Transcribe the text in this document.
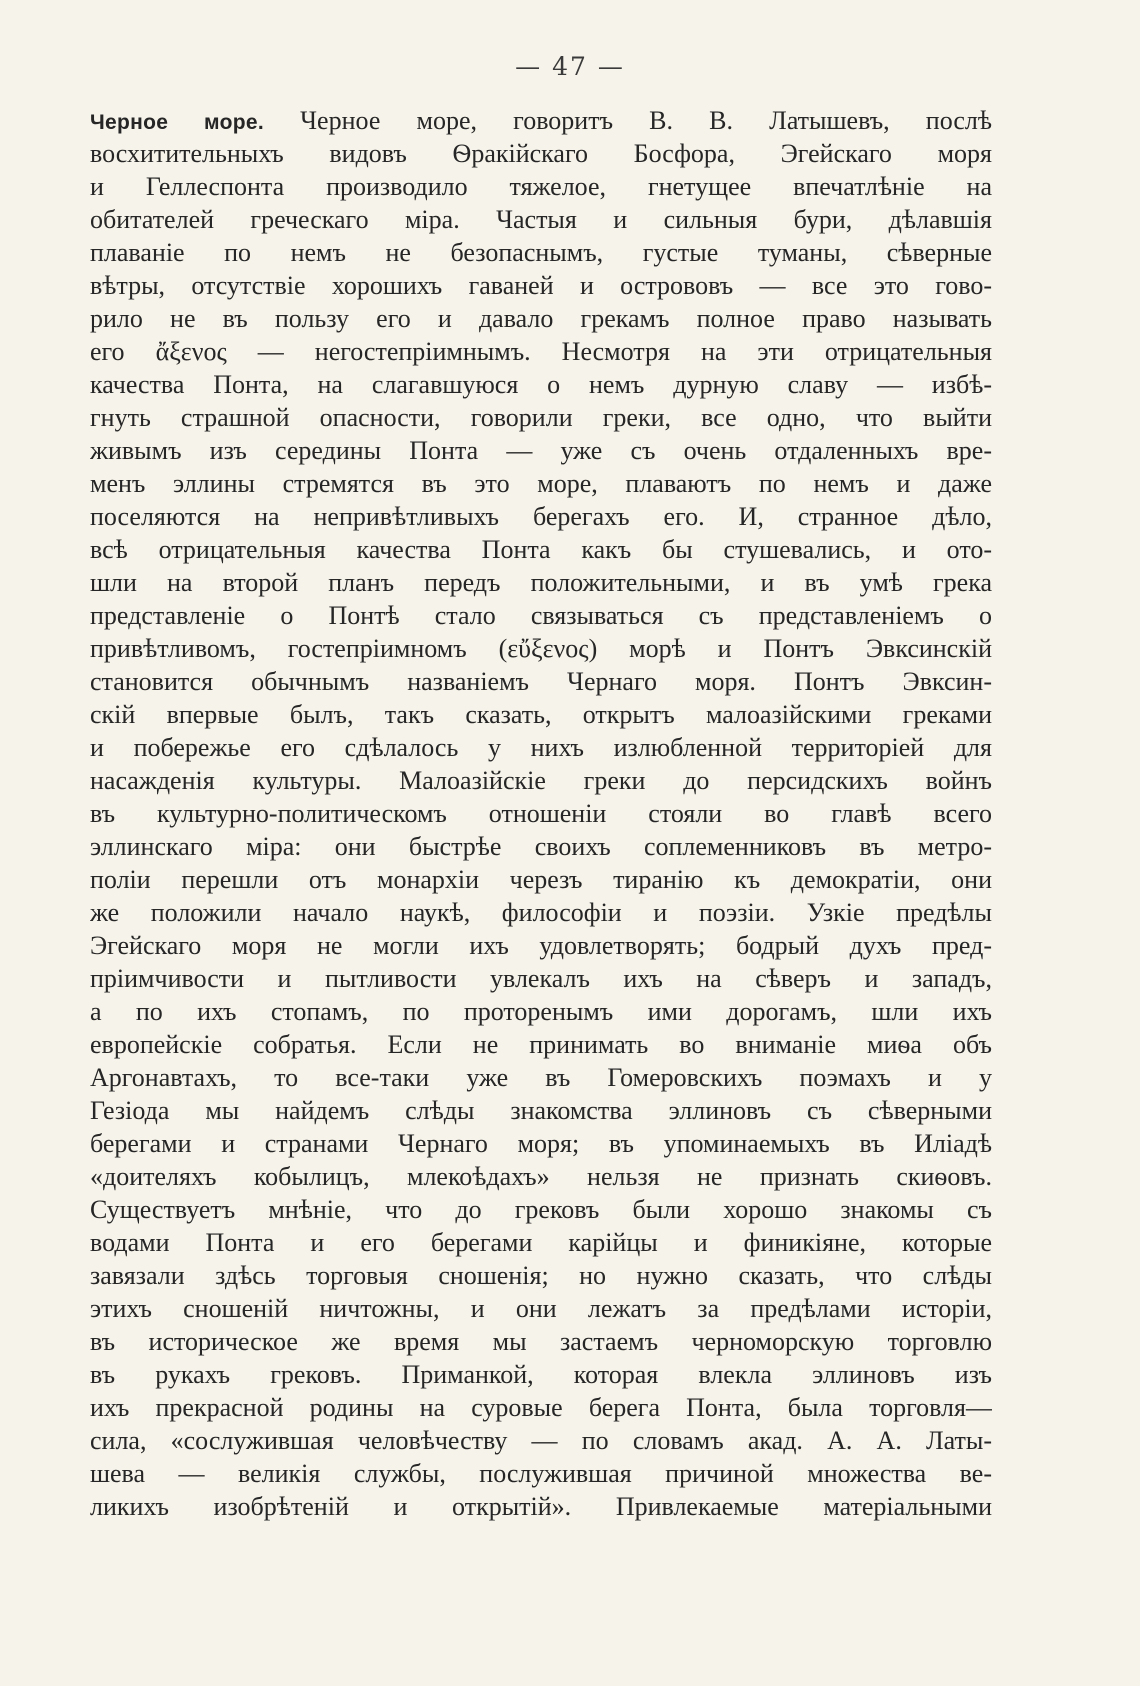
— 47 —
Черное море. Черное море, говоритъ В. В. Латышевъ, послѣ
восхитительныхъ видовъ Ѳракійскаго Босфора, Эгейскаго моря
и Геллеспонта производило тяжелое, гнетущее впечатлѣніе на
обитателей греческаго міра. Частыя и сильныя бури, дѣлавшія
плаваніе по немъ не безопаснымъ, густые туманы, сѣверные
вѣтры, отсутствіе хорошихъ гаваней и острововъ — все это гово-
рило не въ пользу его и давало грекамъ полное право называть
его ἄξενος — негостепріимнымъ. Несмотря на эти отрицательныя
качества Понта, на слагавшуюся о немъ дурную славу — избѣ-
гнуть страшной опасности, говорили греки, все одно, что выйти
живымъ изъ середины Понта — уже съ очень отдаленныхъ вре-
менъ эллины стремятся въ это море, плаваютъ по немъ и даже
поселяются на непривѣтливыхъ берегахъ его. И, странное дѣло,
всѣ отрицательныя качества Понта какъ бы стушевались, и ото-
шли на второй планъ передъ положительными, и въ умѣ грека
представленіе о Понтѣ стало связываться съ представленіемъ о
привѣтливомъ, гостепріимномъ (εὔξενος) морѣ и Понтъ Эвксинскій
становится обычнымъ названіемъ Чернаго моря. Понтъ Эвксин-
скій впервые былъ, такъ сказать, открытъ малоазійскими греками
и побережье его сдѣлалось у нихъ излюбленной территоріей для
насажденія культуры. Малоазійскіе греки до персидскихъ войнъ
въ культурно-политическомъ отношеніи стояли во главѣ всего
эллинскаго міра: они быстрѣе своихъ соплеменниковъ въ метро-
поліи перешли отъ монархіи черезъ тиранію къ демократіи, они
же положили начало наукѣ, философіи и поэзіи. Узкіе предѣлы
Эгейскаго моря не могли ихъ удовлетворять; бодрый духъ пред-
пріимчивости и пытливости увлекалъ ихъ на сѣверъ и западъ,
а по ихъ стопамъ, по проторенымъ ими дорогамъ, шли ихъ
европейскіе собратья. Если не принимать во вниманіе миѳа объ
Аргонавтахъ, то все-таки уже въ Гомеровскихъ поэмахъ и у
Гезіода мы найдемъ слѣды знакомства эллиновъ съ сѣверными
берегами и странами Чернаго моря; въ упоминаемыхъ въ Иліадѣ
«доителяхъ кобылицъ, млекоѣдахъ» нельзя не признать скиѳовъ.
Существуетъ мнѣніе, что до грековъ были хорошо знакомы съ
водами Понта и его берегами карійцы и финикіяне, которые
завязали здѣсь торговыя сношенія; но нужно сказать, что слѣды
этихъ сношеній ничтожны, и они лежатъ за предѣлами исторіи,
въ историческое же время мы застаемъ черноморскую торговлю
въ рукахъ грековъ. Приманкой, которая влекла эллиновъ изъ
ихъ прекрасной родины на суровые берега Понта, была торговля—
сила, «сослужившая человѣчеству — по словамъ акад. А. А. Латы-
шева — великія службы, послужившая причиной множества ве-
ликихъ изобрѣтеній и открытій». Привлекаемые матеріальными
